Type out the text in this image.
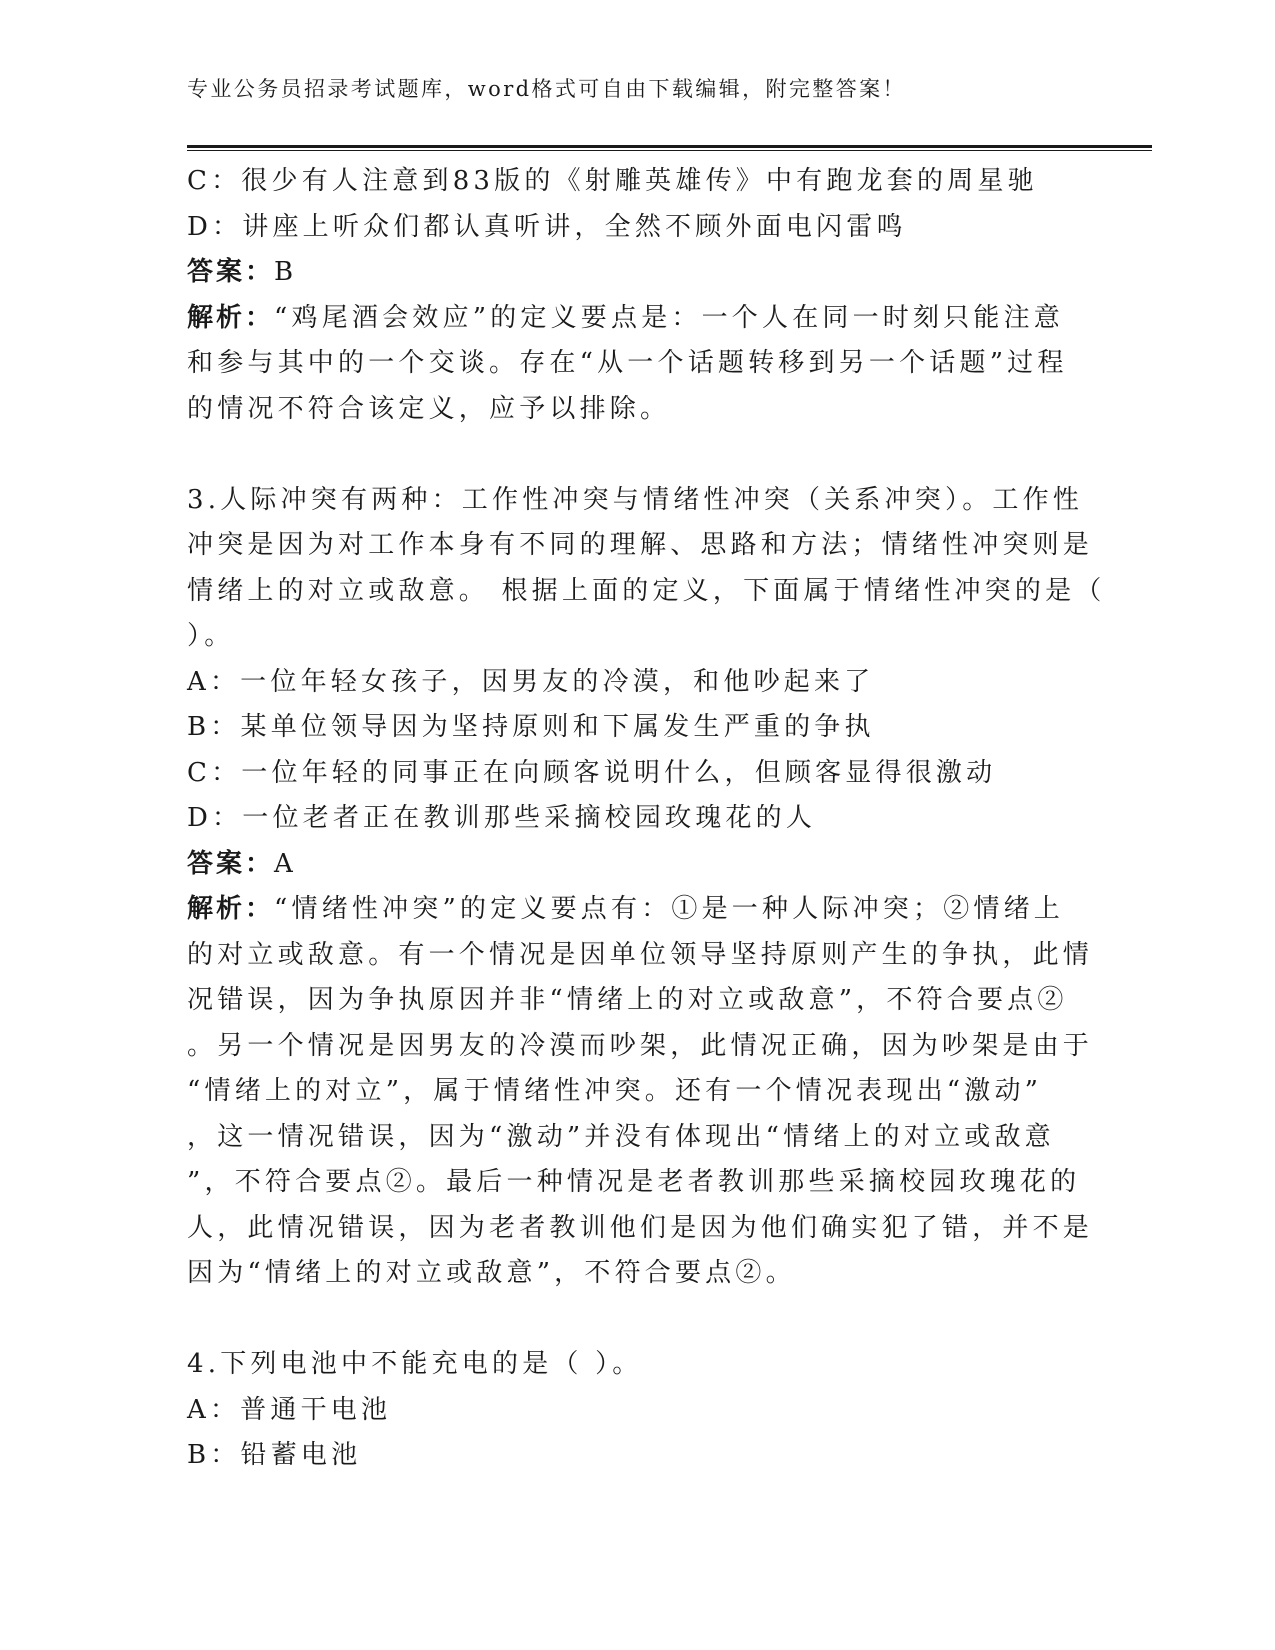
专业公务员招录考试题库，word格式可自由下载编辑，附完整答案！
C：很少有人注意到83版的《射雕英雄传》中有跑龙套的周星驰
D：讲座上听众们都认真听讲，全然不顾外面电闪雷鸣
答案：B
解析：“鸡尾酒会效应”的定义要点是：一个人在同一时刻只能注意
和参与其中的一个交谈。存在“从一个话题转移到另一个话题”过程
的情况不符合该定义，应予以排除。
3.人际冲突有两种：工作性冲突与情绪性冲突（关系冲突）。工作性
冲突是因为对工作本身有不同的理解、思路和方法；情绪性冲突则是
情绪上的对立或敌意。 根据上面的定义，下面属于情绪性冲突的是（
）。
A：一位年轻女孩子，因男友的冷漠，和他吵起来了
B：某单位领导因为坚持原则和下属发生严重的争执
C：一位年轻的同事正在向顾客说明什么，但顾客显得很激动
D：一位老者正在教训那些采摘校园玫瑰花的人
答案：A
解析：“情绪性冲突”的定义要点有：①是一种人际冲突；②情绪上
的对立或敌意。有一个情况是因单位领导坚持原则产生的争执，此情
况错误，因为争执原因并非“情绪上的对立或敌意”，不符合要点②
。另一个情况是因男友的冷漠而吵架，此情况正确，因为吵架是由于
“情绪上的对立”，属于情绪性冲突。还有一个情况表现出“激动”
，这一情况错误，因为“激动”并没有体现出“情绪上的对立或敌意
”，不符合要点②。最后一种情况是老者教训那些采摘校园玫瑰花的
人，此情况错误，因为老者教训他们是因为他们确实犯了错，并不是
因为“情绪上的对立或敌意”，不符合要点②。
4.下列电池中不能充电的是（ ）。
A：普通干电池
B：铅蓄电池
